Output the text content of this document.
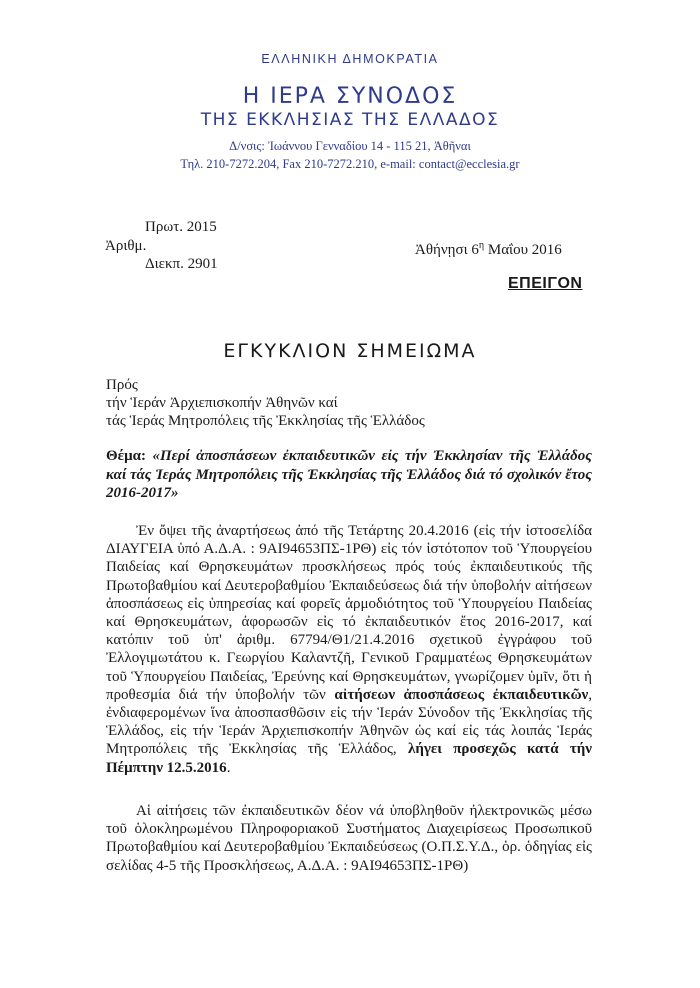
ΕΛΛΗΝΙΚΗ ΔΗΜΟΚΡΑΤΙΑ
Η ΙΕΡΑ ΣΥΝΟΔΟΣ
ΤΗΣ ΕΚΚΛΗΣΙΑΣ ΤΗΣ ΕΛΛΑΔΟΣ
Δ/νσις: Ἰωάννου Γενναδίου 14 - 115 21, Ἀθῆναι
Τηλ. 210-7272.204, Fax 210-7272.210, e-mail: contact@ecclesia.gr
Πρωτ. 2015
Ἀριθμ.
Διεκπ. 2901
Ἀθήνῃσι $6^\eta$ Μαΐου 2016
ΕΠΕΙΓΟΝ
ΕΓΚΥΚΛΙΟΝ ΣΗΜΕΙΩΜΑ
Πρός
τήν Ἱεράν Ἀρχιεπισκοπήν Ἀθηνῶν καί
τάς Ἱεράς Μητροπόλεις τῆς Ἐκκλησίας τῆς Ἑλλάδος
Θέμα: «Περί ἀποσπάσεων ἐκπαιδευτικῶν εἰς τήν Ἐκκλησίαν τῆς Ἑλλάδος καί τάς Ἱεράς Μητροπόλεις τῆς Ἐκκλησίας τῆς Ἑλλάδος διά τό σχολικόν ἔτος 2016-2017»
Ἐν ὄψει τῆς ἀναρτήσεως ἀπό τῆς Τετάρτης 20.4.2016 (εἰς τήν ἱστοσελίδα ΔΙΑΥΓΕΙΑ ὑπό Α.Δ.Α. : 9ΑΙ94653ΠΣ-1ΡΘ) εἰς τόν ἱστότοπον τοῦ Ὑπουργείου Παιδείας καί Θρησκευμάτων προσκλήσεως πρός τούς ἐκπαιδευτικούς τῆς Πρωτοβαθμίου καί Δευτεροβαθμίου Ἐκπαιδεύσεως διά τήν ὑποβολήν αἰτήσεων ἀποσπάσεως εἰς ὑπηρεσίας καί φορεῖς ἁρμοδιότητος τοῦ Ὑπουργείου Παιδείας καί Θρησκευμάτων, ἀφορωσῶν εἰς τό ἐκπαιδευτικόν ἔτος 2016-2017, καί κατόπιν τοῦ ὑπ' ἀριθμ. 67794/Θ1/21.4.2016 σχετικοῦ ἐγγράφου τοῦ Ἐλλογιμωτάτου κ. Γεωργίου Καλαντζῆ, Γενικοῦ Γραμματέως Θρησκευμάτων τοῦ Ὑπουργείου Παιδείας, Ἐρεύνης καί Θρησκευμάτων, γνωρίζομεν ὑμῖν, ὅτι ἡ προθεσμία διά τήν ὑποβολήν τῶν αἰτήσεων ἀποσπάσεως ἐκπαιδευτικῶν, ἐνδιαφερομένων ἵνα ἀποσπασθῶσιν εἰς τήν Ἱεράν Σύνοδον τῆς Ἐκκλησίας τῆς Ἑλλάδος, εἰς τήν Ἱεράν Ἀρχιεπισκοπήν Ἀθηνῶν ὡς καί εἰς τάς λοιπάς Ἱεράς Μητροπόλεις τῆς Ἐκκλησίας τῆς Ἑλλάδος, λήγει προσεχῶς κατά τήν Πέμπτην 12.5.2016.
Αἱ αἰτήσεις τῶν ἐκπαιδευτικῶν δέον νά ὑποβληθοῦν ἠλεκτρονικῶς μέσω τοῦ ὁλοκληρωμένου Πληροφοριακοῦ Συστήματος Διαχειρίσεως Προσωπικοῦ Πρωτοβαθμίου καί Δευτεροβαθμίου Ἐκπαιδεύσεως (Ο.Π.Σ.Υ.Δ., ὁρ. ὁδηγίας εἰς σελίδας 4-5 τῆς Προσκλήσεως, Α.Δ.Α. : 9ΑΙ94653ΠΣ-1ΡΘ)
